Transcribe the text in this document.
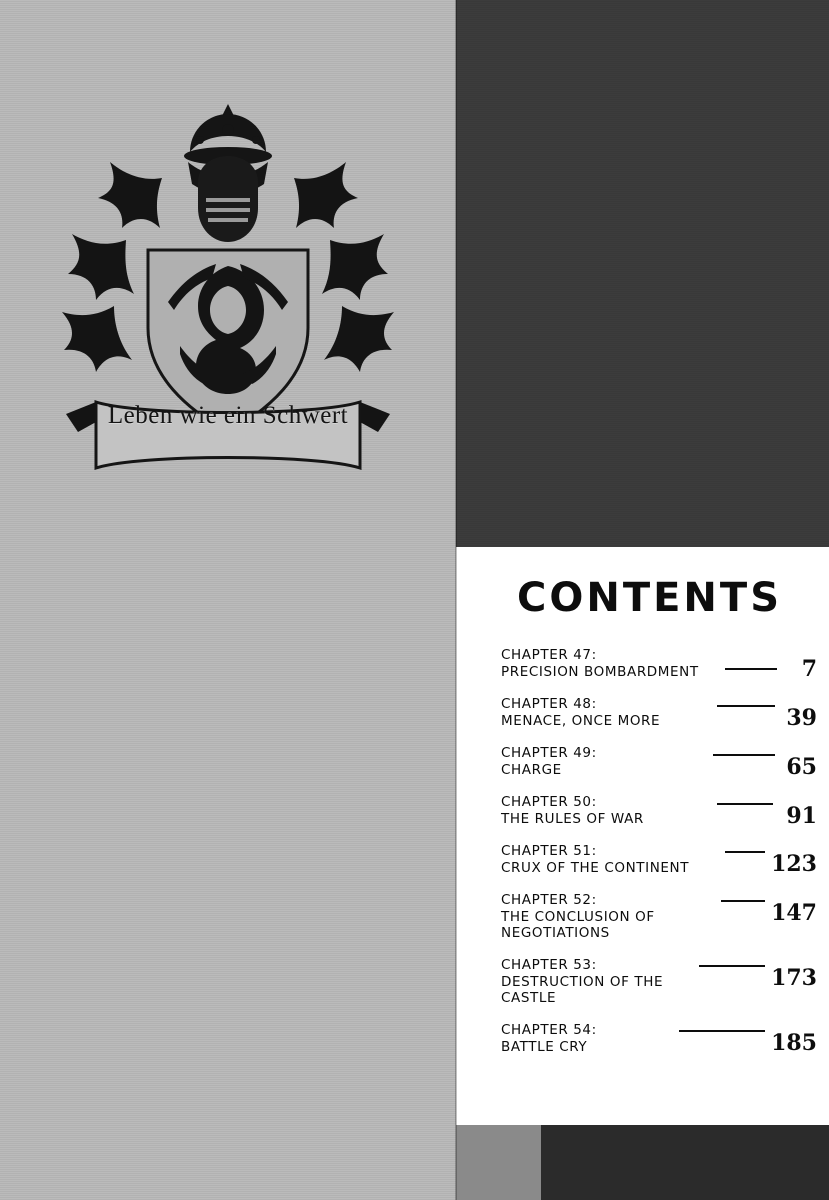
Leben wie ein Schwert
CONTENTS
CHAPTER 47:
PRECISION BOMBARDMENT	7
CHAPTER 48:
MENACE, ONCE MORE	39
CHAPTER 49:
CHARGE	65
CHAPTER 50:
THE RULES OF WAR	91
CHAPTER 51:
CRUX OF THE CONTINENT	123
CHAPTER 52:
THE CONCLUSION OF NEGOTIATIONS
147
CHAPTER 53:
DESTRUCTION OF THE CASTLE
173
CHAPTER 54:
BATTLE CRY	185
